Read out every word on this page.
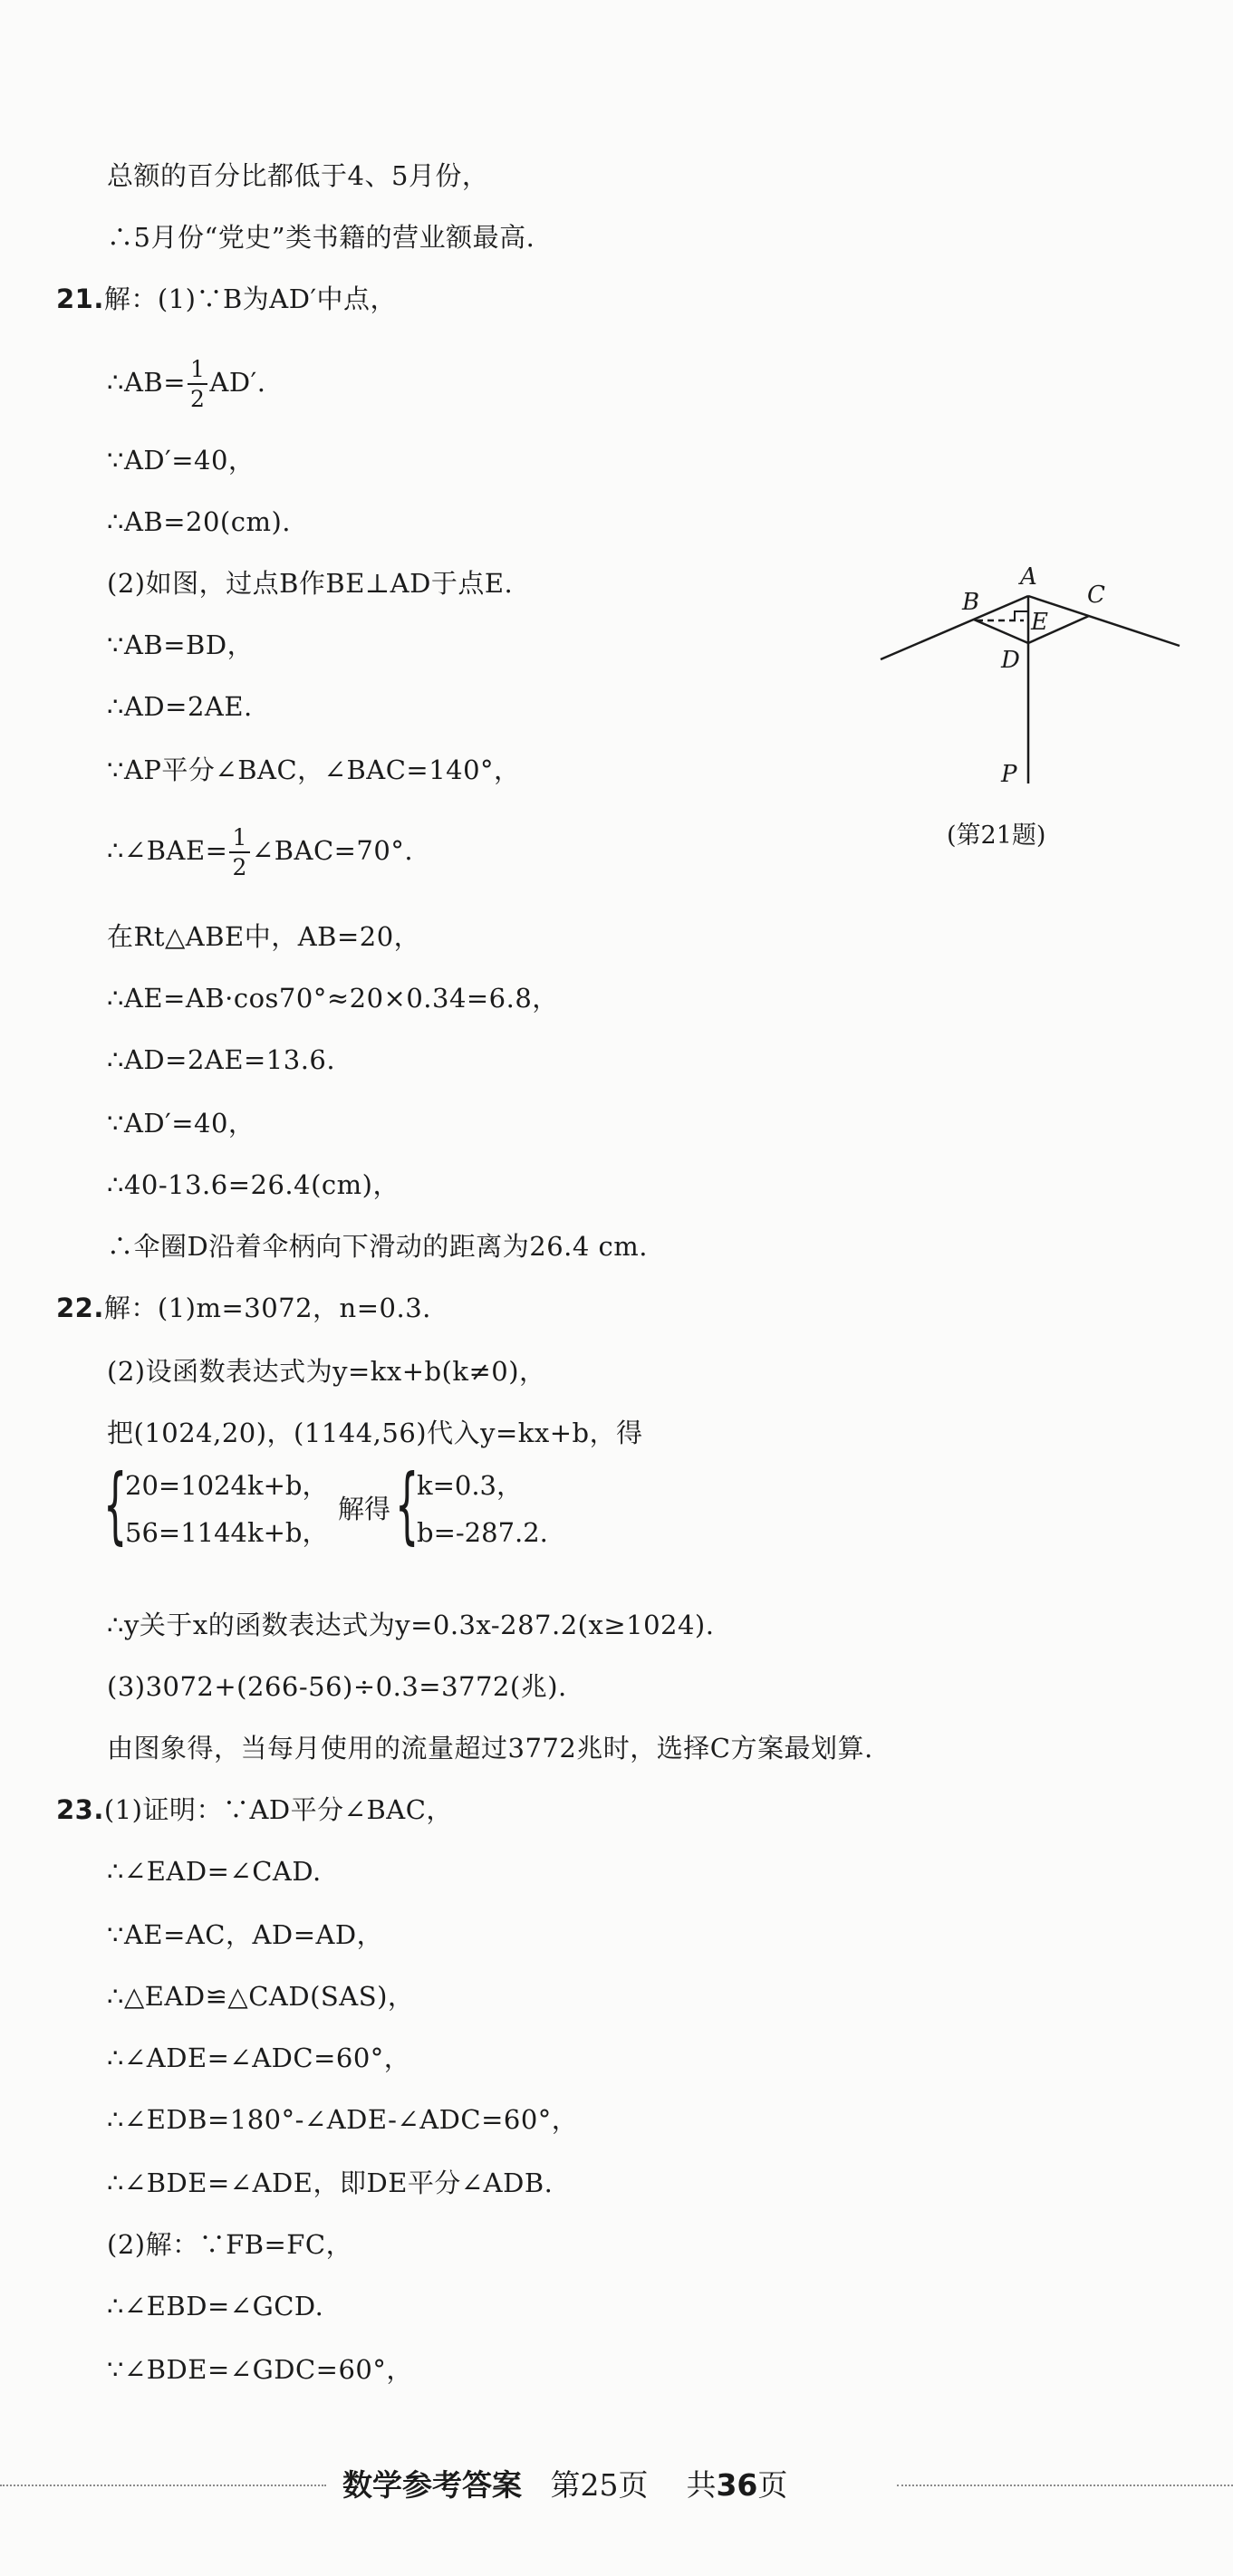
总额的百分比都低于4、5月份，
∴5月份“党史”类书籍的营业额最高.
21.解：(1)∵B为AD′中点，
∴AB= $\frac{1}{2} AD'$.
∵AD′=40，
∴AB=20(cm).
(2)如图，过点B作BE⊥AD于点E.
∵AB=BD，
∴AD=2AE.
∵AP平分∠BAC，∠BAC=140°，
∴∠BAE= $\frac{1}{2}$ ∠BAC=70°.
在Rt△ABE中，AB=20，
∴AE=AB·cos70°≈20×0.34=6.8，
∴AD=2AE=13.6.
∵AD′=40，
∴40-13.6=26.4(cm)，
∴伞圈D沿着伞柄向下滑动的距离为26.4 cm.
B
A
C
E
D
P
(第21题)
22.解：(1)m=3072，n=0.3.
(2)设函数表达式为y=kx+b(k≠0)，
把(1024,20)，(1144,56)代入y=kx+b，得
{
20=1024k+b，
56=1144k+b，
解得 {
k=0.3，
b=-287.2.
∴y关于x的函数表达式为y=0.3x-287.2(x≥1024).
(3)3072+(266-56)÷0.3=3772(兆).
由图象得，当每月使用的流量超过3772兆时，选择C方案最划算.
23.(1)证明：∵AD平分∠BAC，
∴∠EAD=∠CAD.
∵AE=AC，AD=AD，
∴△EAD≌△CAD(SAS)，
∴∠ADE=∠ADC=60°，
∴∠EDB=180°-∠ADE-∠ADC=60°，
∴∠BDE=∠ADE，即DE平分∠ADB.
(2)解：∵FB=FC，
∴∠EBD=∠GCD.
∵∠BDE=∠GDC=60°，
数学参考答案 第25页 共36页
